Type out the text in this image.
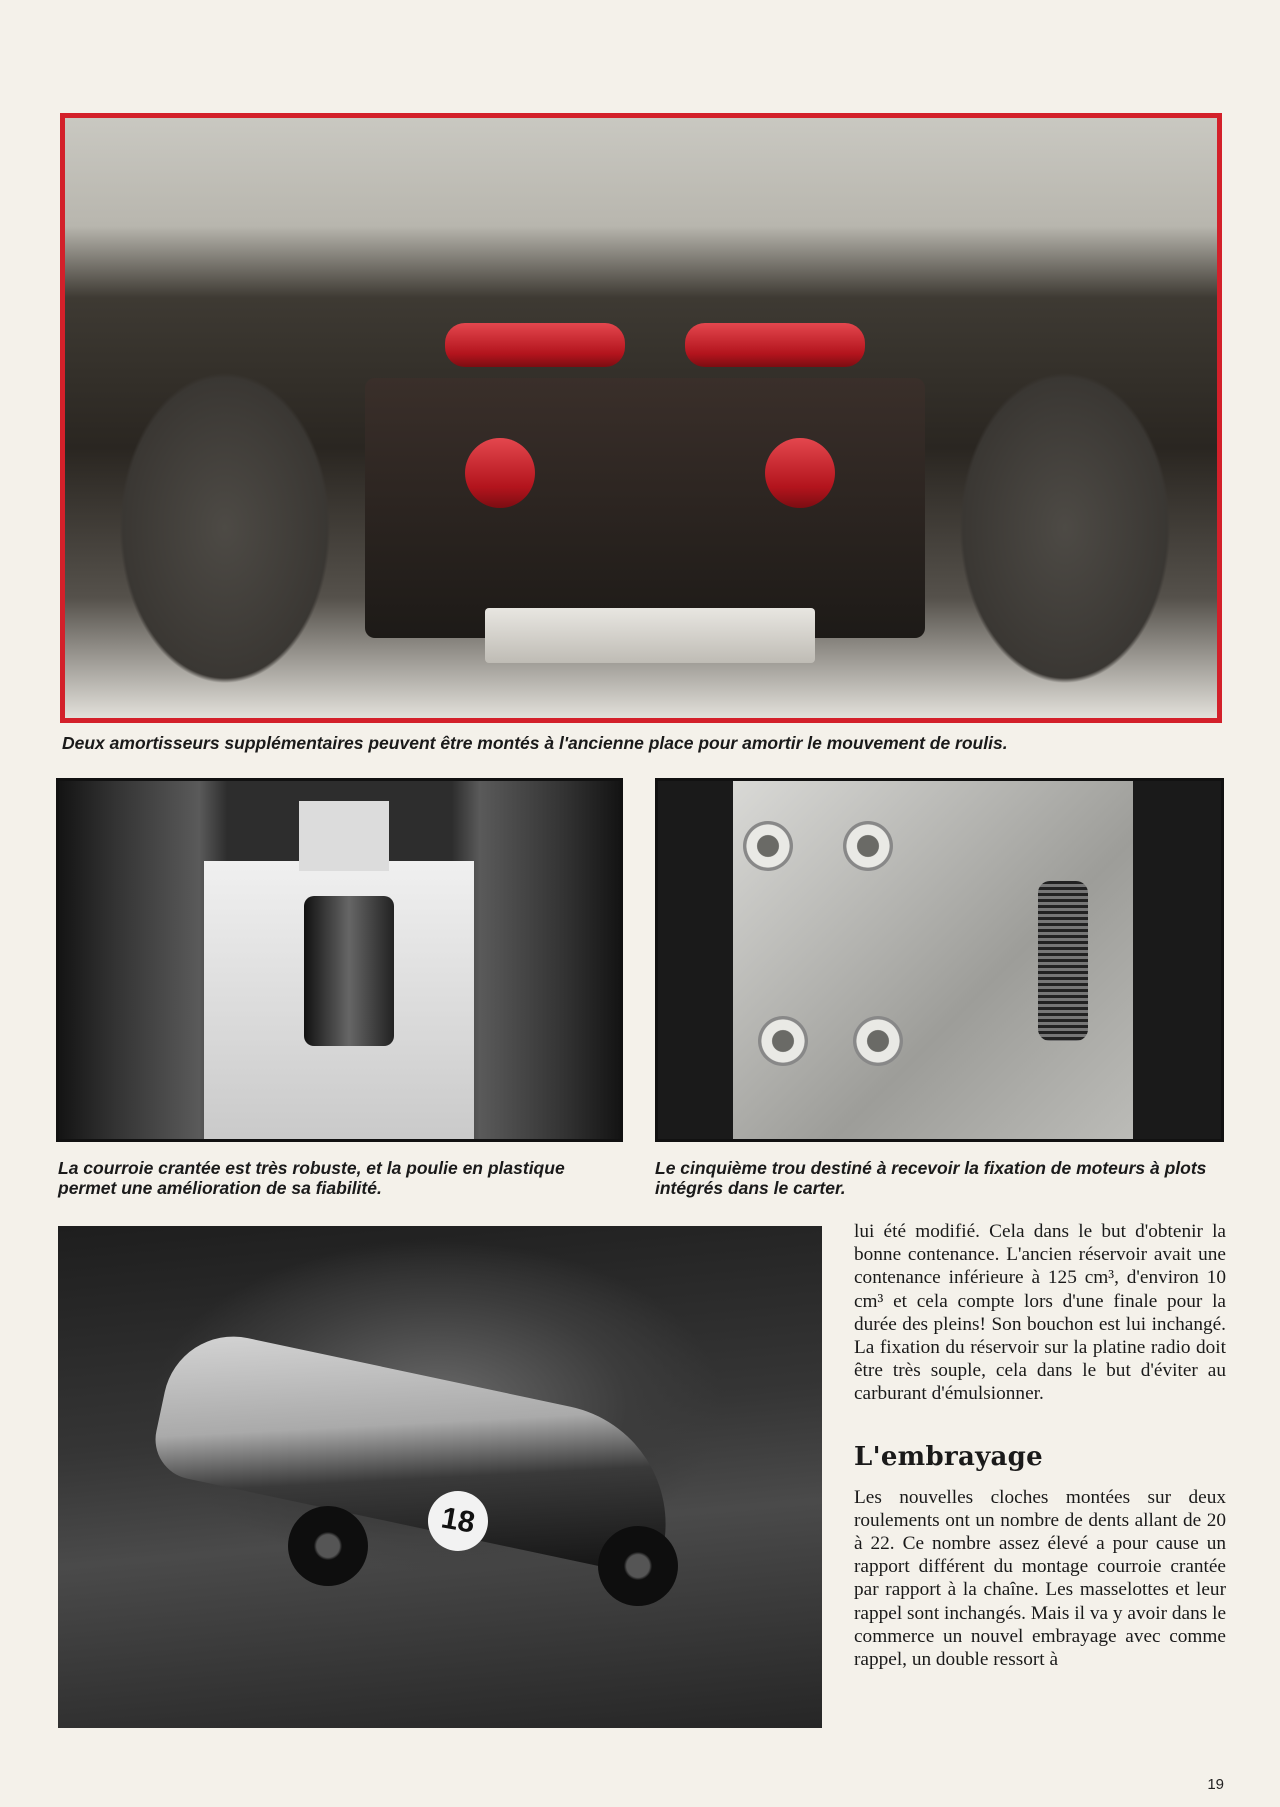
Deux amortisseurs supplémentaires peuvent être montés à l'ancienne place pour amortir le mouvement de roulis.

La courroie crantée est très robuste, et la poulie en plastique permet une amélioration de sa fiabilité.

Le cinquième trou destiné à recevoir la fixation de moteurs à plots intégrés dans le carter.

18

lui été modifié. Cela dans le but d'obtenir la bonne contenance. L'ancien réservoir avait une contenance inférieure à 125 cm³, d'environ 10 cm³ et cela compte lors d'une finale pour la durée des pleins! Son bouchon est lui inchangé. La fixation du réservoir sur la platine radio doit être très souple, cela dans le but d'éviter au carburant d'émulsionner.

L'embrayage

Les nouvelles cloches montées sur deux roulements ont un nombre de dents allant de 20 à 22. Ce nombre assez élevé a pour cause un rapport différent du montage courroie crantée par rapport à la chaîne. Les masselottes et leur rappel sont inchangés. Mais il va y avoir dans le commerce un nouvel embrayage avec comme rappel, un double ressort à

19
